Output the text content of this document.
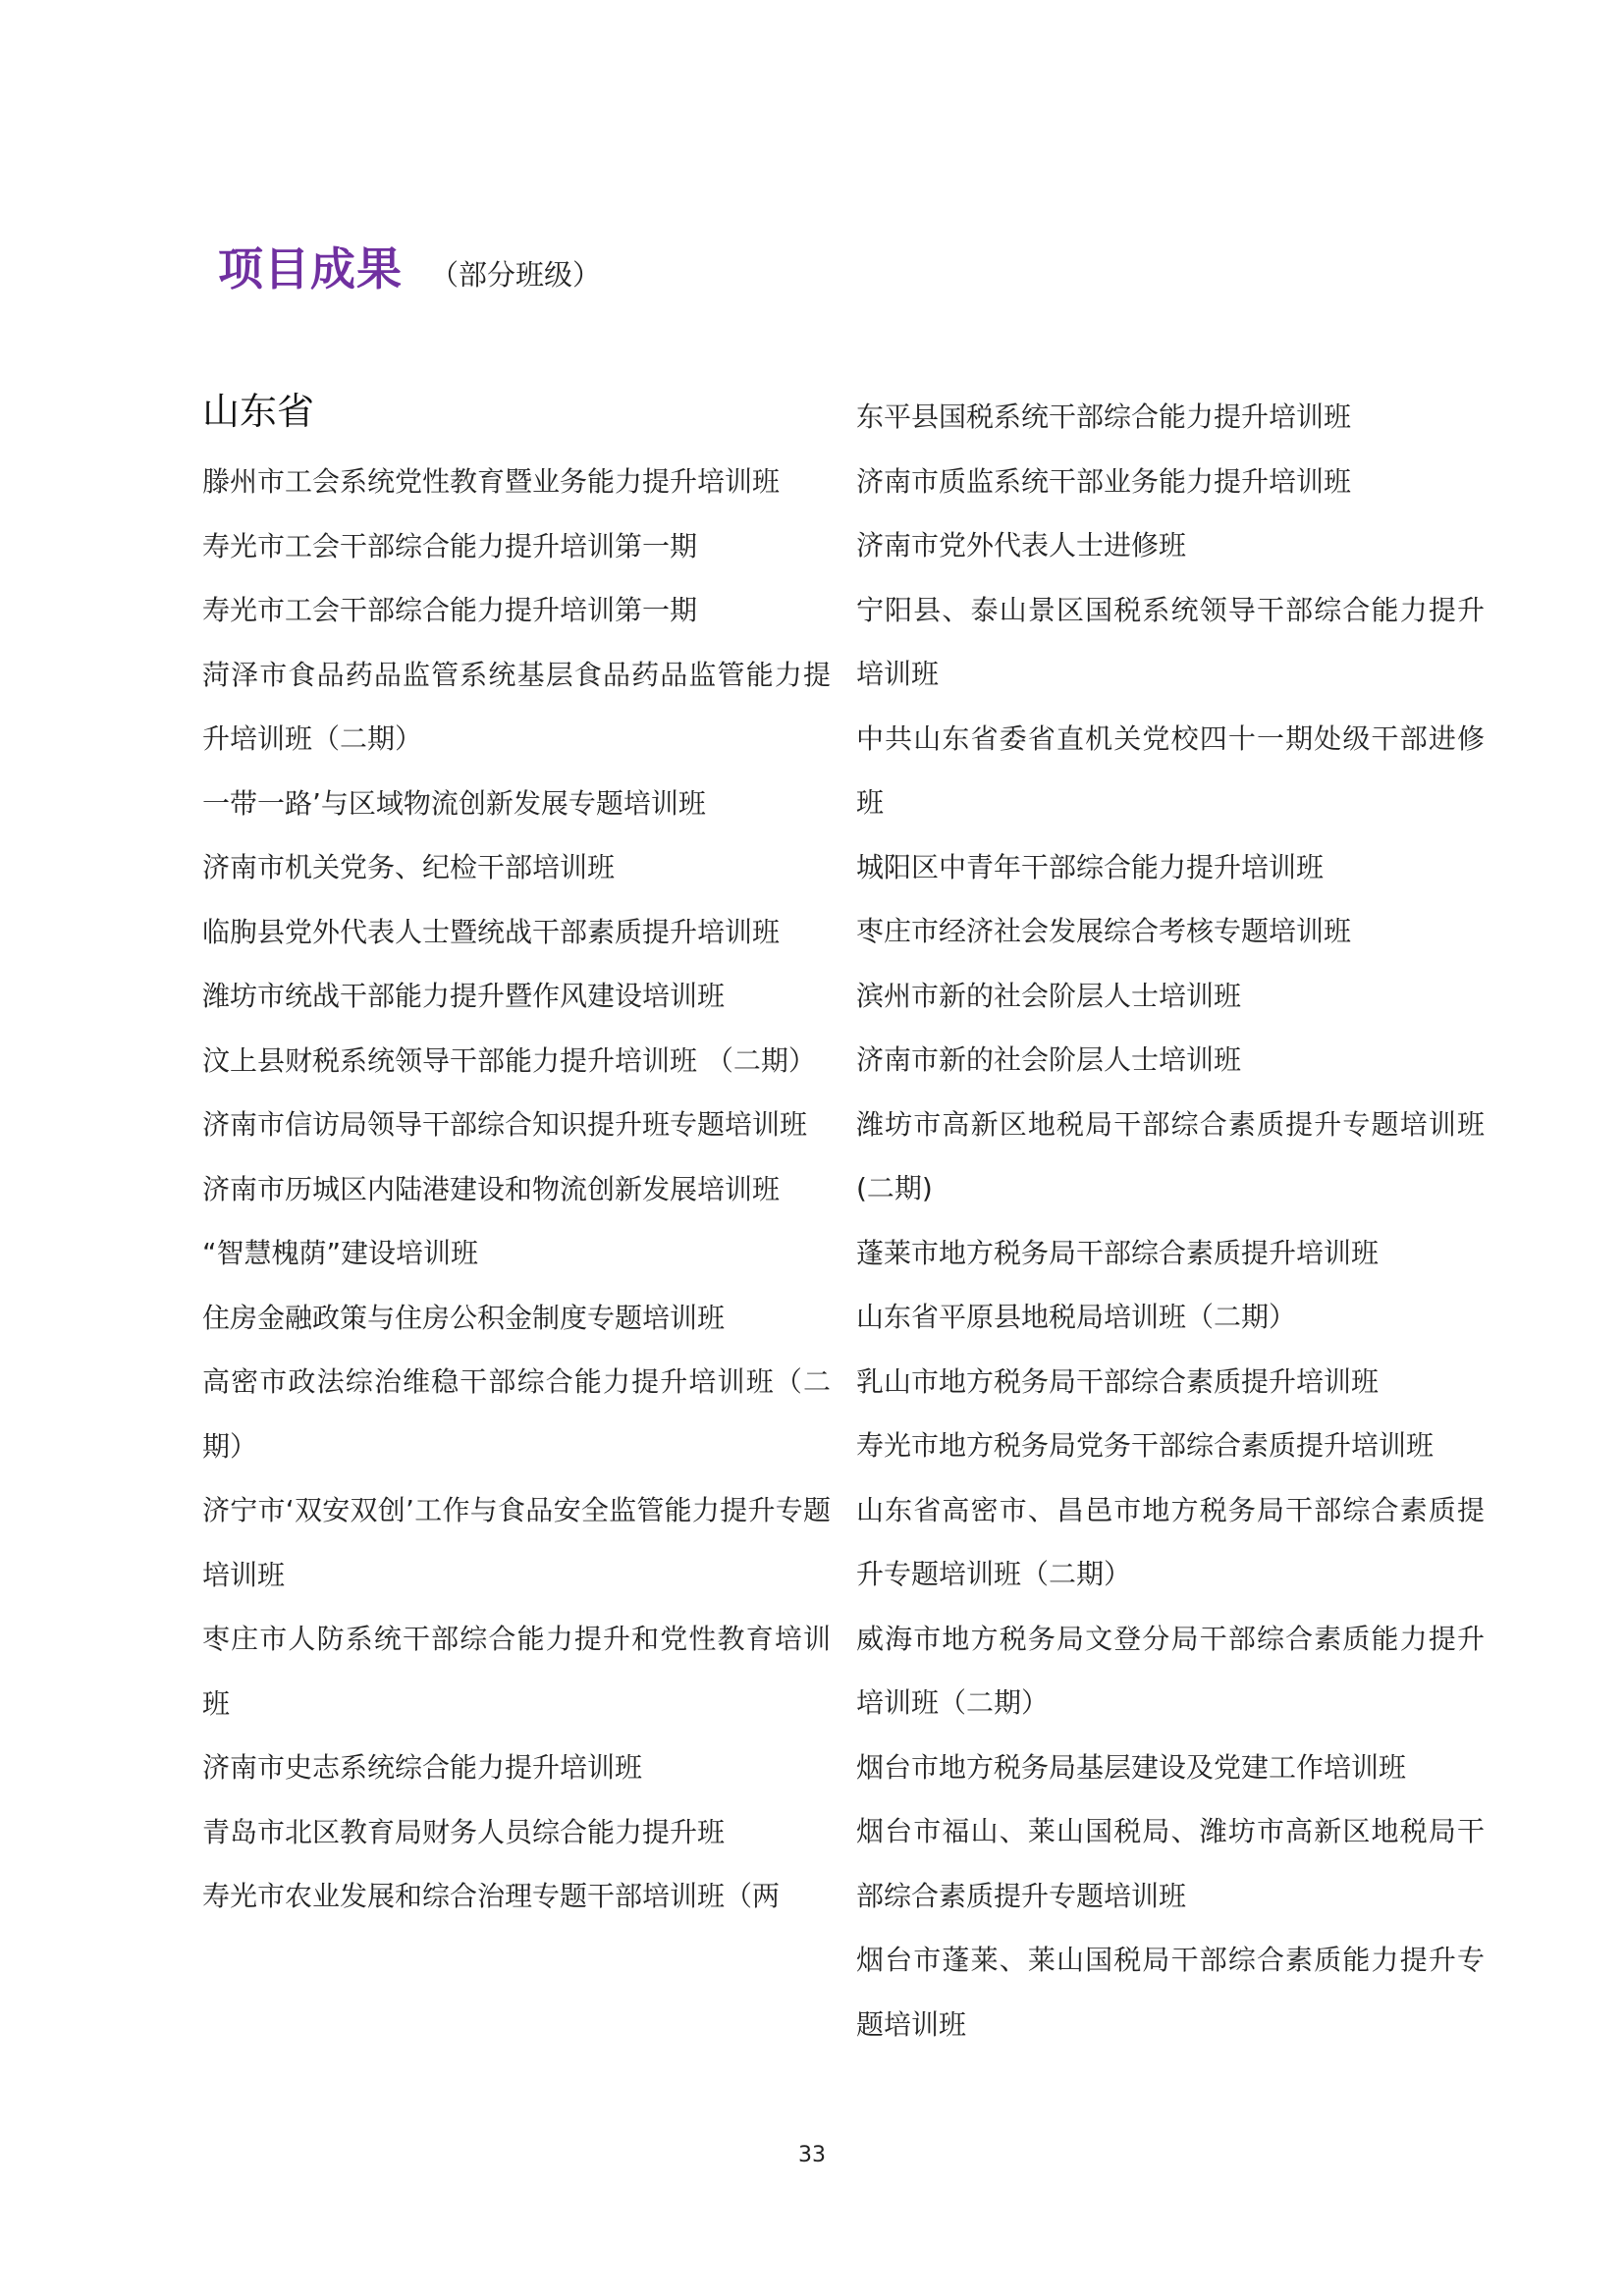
项目成果 （部分班级）
山东省
滕州市工会系统党性教育暨业务能力提升培训班
寿光市工会干部综合能力提升培训第一期
寿光市工会干部综合能力提升培训第一期
菏泽市食品药品监管系统基层食品药品监管能力提升培训班（二期）
一带一路’与区域物流创新发展专题培训班
济南市机关党务、纪检干部培训班
临朐县党外代表人士暨统战干部素质提升培训班
潍坊市统战干部能力提升暨作风建设培训班
汶上县财税系统领导干部能力提升培训班 （二期）
济南市信访局领导干部综合知识提升班专题培训班
济南市历城区内陆港建设和物流创新发展培训班
“智慧槐荫”建设培训班
住房金融政策与住房公积金制度专题培训班
高密市政法综治维稳干部综合能力提升培训班（二期）
济宁市‘双安双创’工作与食品安全监管能力提升专题培训班
枣庄市人防系统干部综合能力提升和党性教育培训班
济南市史志系统综合能力提升培训班
青岛市北区教育局财务人员综合能力提升班
寿光市农业发展和综合治理专题干部培训班（两
东平县国税系统干部综合能力提升培训班
济南市质监系统干部业务能力提升培训班
济南市党外代表人士进修班
宁阳县、泰山景区国税系统领导干部综合能力提升培训班
中共山东省委省直机关党校四十一期处级干部进修班
城阳区中青年干部综合能力提升培训班
枣庄市经济社会发展综合考核专题培训班
滨州市新的社会阶层人士培训班
济南市新的社会阶层人士培训班
潍坊市高新区地税局干部综合素质提升专题培训班(二期)
蓬莱市地方税务局干部综合素质提升培训班
山东省平原县地税局培训班（二期）
乳山市地方税务局干部综合素质提升培训班
寿光市地方税务局党务干部综合素质提升培训班
山东省高密市、昌邑市地方税务局干部综合素质提升专题培训班（二期）
威海市地方税务局文登分局干部综合素质能力提升培训班（二期）
烟台市地方税务局基层建设及党建工作培训班
烟台市福山、莱山国税局、潍坊市高新区地税局干部综合素质提升专题培训班
烟台市蓬莱、莱山国税局干部综合素质能力提升专题培训班
33
